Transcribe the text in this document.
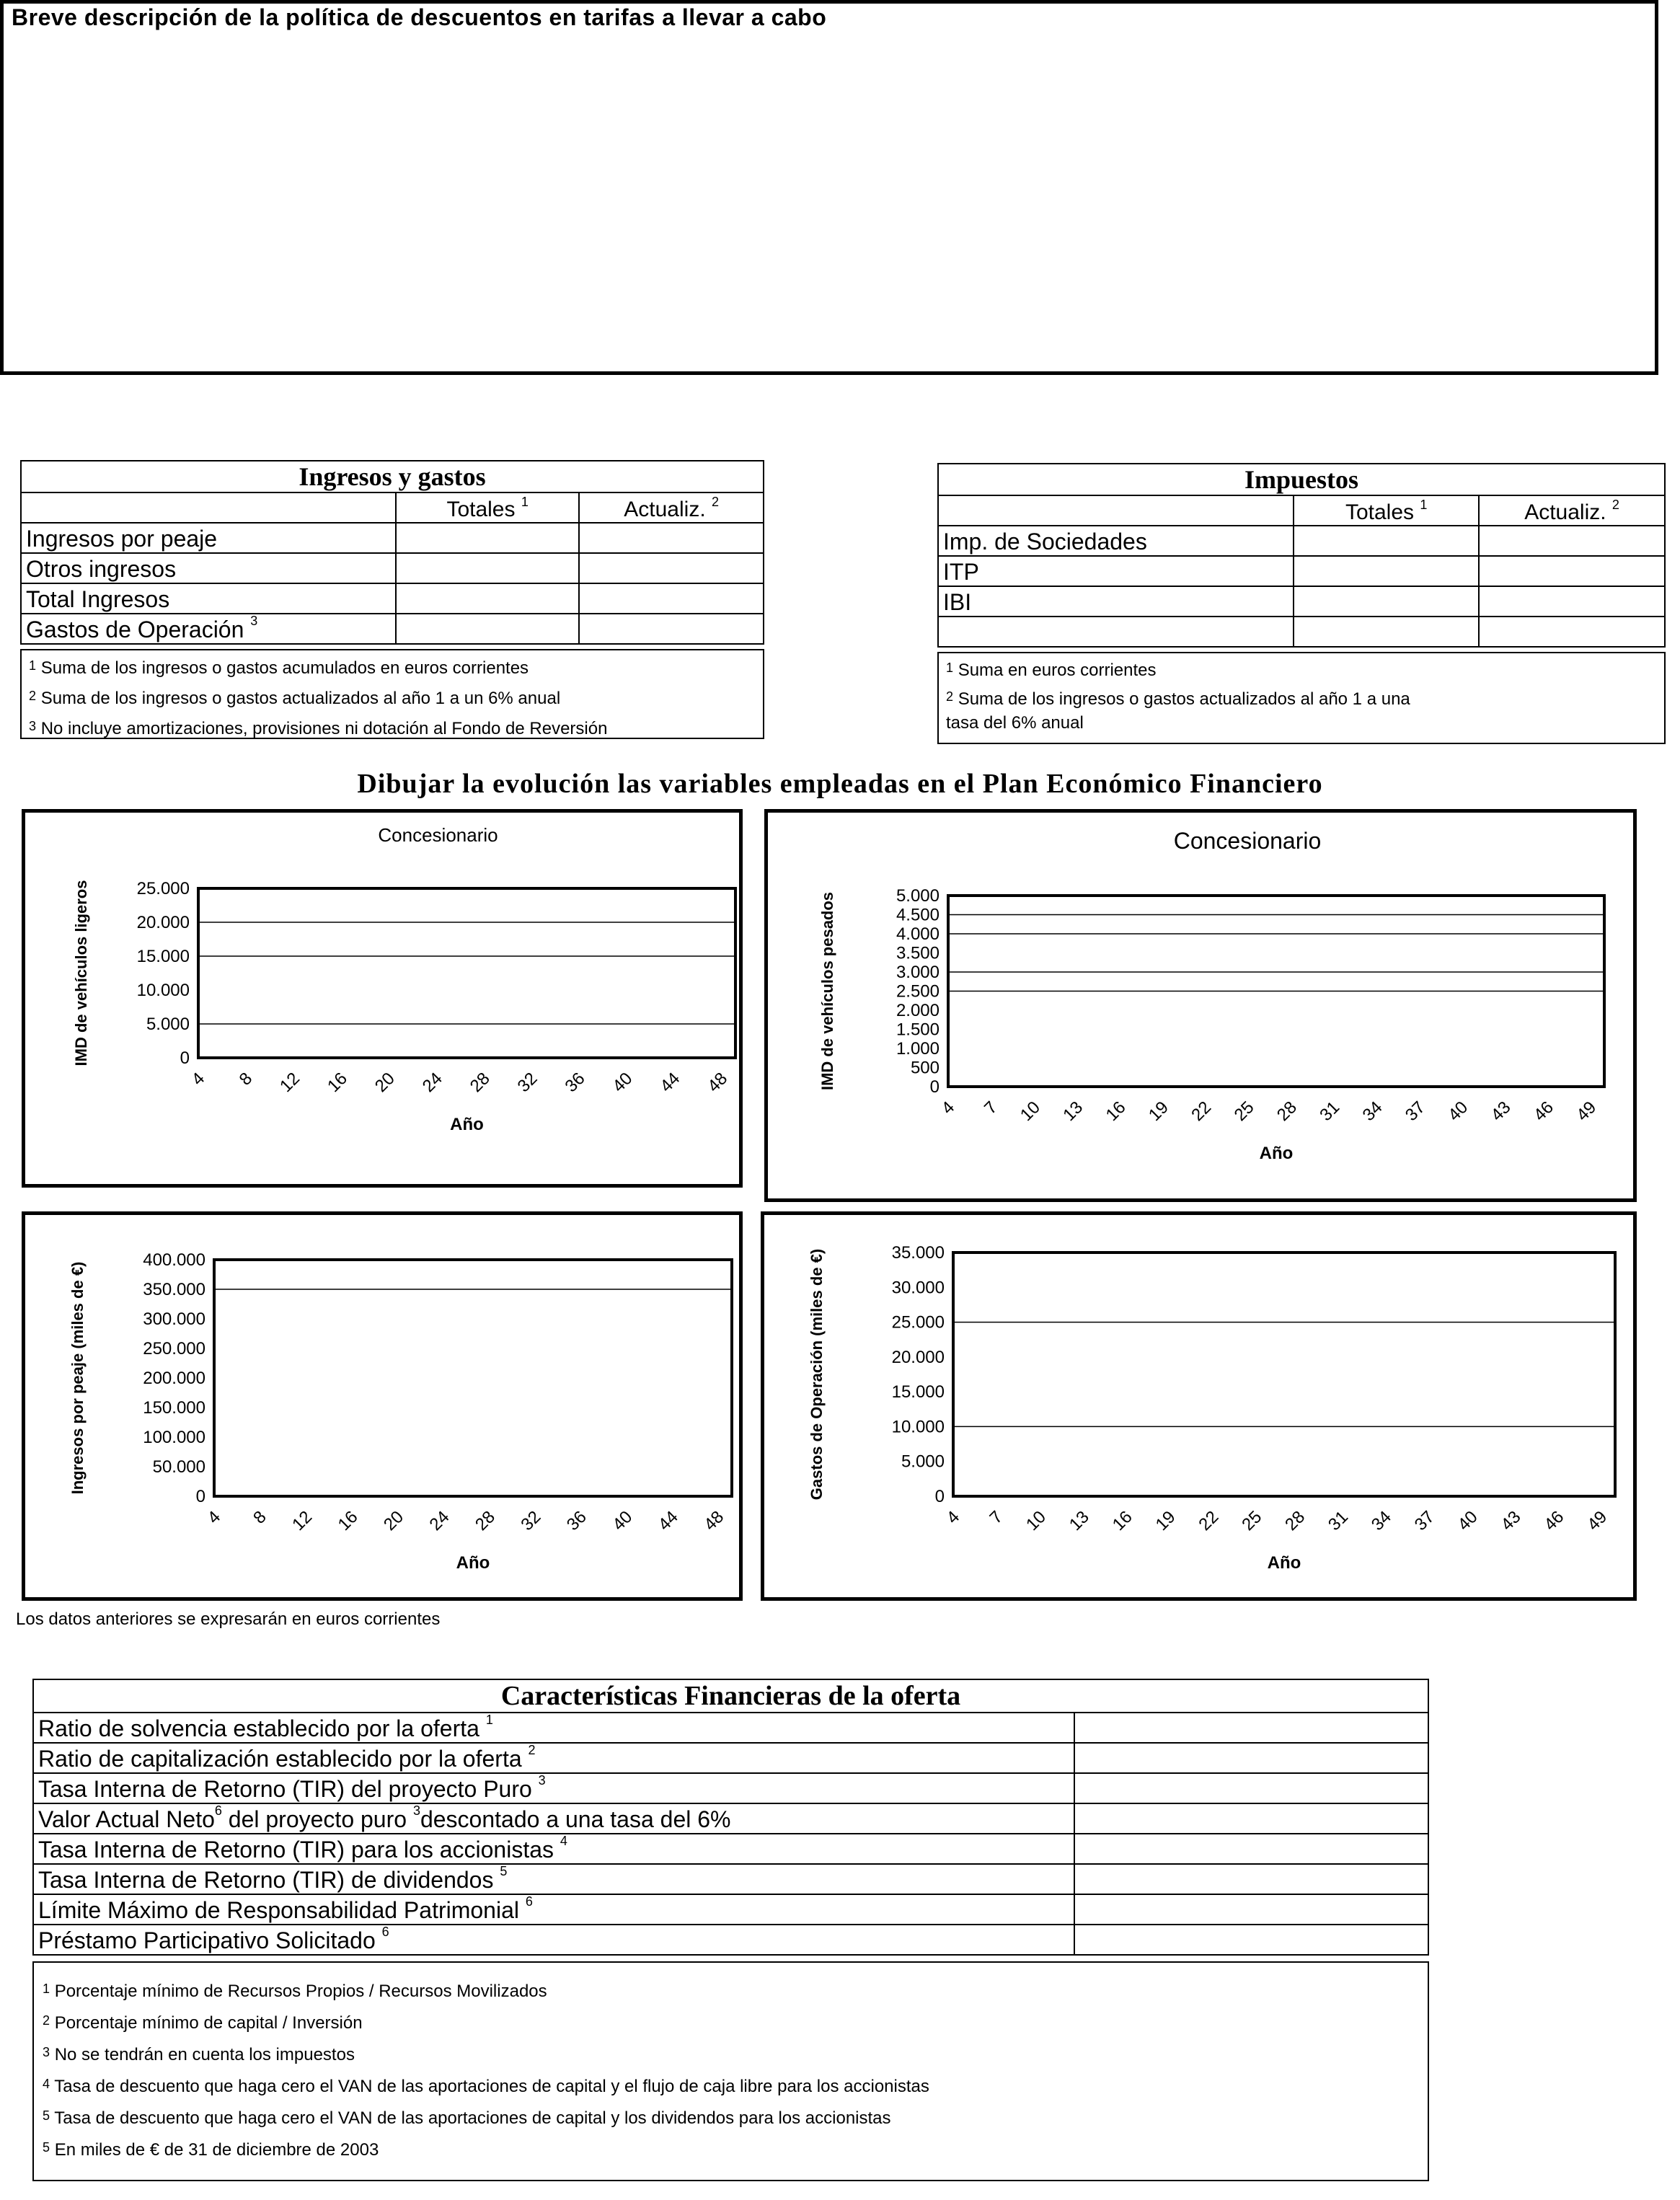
Breve descripción de la política de descuentos en tarifas a llevar a cabo
Ingresos y gastos		
	Totales $^1$	Actualiz. $^2$
Ingresos por peaje		
Otros ingresos		
Total Ingresos		
Gastos de Operación $^3$		
$^1$ Suma de los ingresos o gastos acumulados en euros corrientes
$^2$ Suma de los ingresos o gastos actualizados al año 1 a un 6% anual
$^3$ No incluye amortizaciones, provisiones ni dotación al Fondo de Reversión
Impuestos		
	Totales $^1$	Actualiz. $^2$
Imp. de Sociedades		
ITP		
IBI		

$^1$ Suma en euros corrientes
$^2$ Suma de los ingresos o gastos actualizados al año 1 a una
tasa del 6% anual
Dibujar la evolución las variables empleadas en el Plan Económico Financiero
0
5.000
10.000
15.000
20.000
25.000
4 8 12 16 20 24 28 32 36 40 44 48
Año
IMD de vehículos ligeros
Concesionario
0
500
1.000
1.500
2.000
2.500
3.000
3.500
4.000
4.500
5.000
4 7 10 13 16 19 22 25 28 31 34 37 40 43 46 49
Año
IMD de vehículos pesados
Concesionario
0
50.000
100.000
150.000
200.000
250.000
300.000
350.000
400.000
4 8 12 16 20 24 28 32 36 40 44 48
Año
Ingresos por peaje (miles de €)
0
5.000
10.000
15.000
20.000
25.000
30.000
35.000
4 7 10 13 16 19 22 25 28 31 34 37 40 43 46 49
Año
Gastos de Operación (miles de €)
Los datos anteriores se expresarán en euros corrientes
Características Financieras de la oferta	
Ratio de solvencia establecido por la oferta $^1$	
Ratio de capitalización establecido por la oferta $^2$	
Tasa Interna de Retorno (TIR) del proyecto Puro $^3$	
Valor Actual Neto$^6$ del proyecto puro $^3$descontado a una tasa del 6%	
Tasa Interna de Retorno (TIR) para los accionistas $^4$	
Tasa Interna de Retorno (TIR) de dividendos $^5$	
Límite Máximo de Responsabilidad Patrimonial $^6$	
Préstamo Participativo Solicitado $^6$	
$^1$ Porcentaje mínimo de Recursos Propios / Recursos Movilizados
$^2$ Porcentaje mínimo de capital / Inversión
$^3$ No se tendrán en cuenta los impuestos
$^4$ Tasa de descuento que haga cero el VAN de las aportaciones de capital y el flujo de caja libre para los accionistas
$^5$ Tasa de descuento que haga cero el VAN de las aportaciones de capital y los dividendos para los accionistas
$^5$ En miles de € de 31 de diciembre de 2003
